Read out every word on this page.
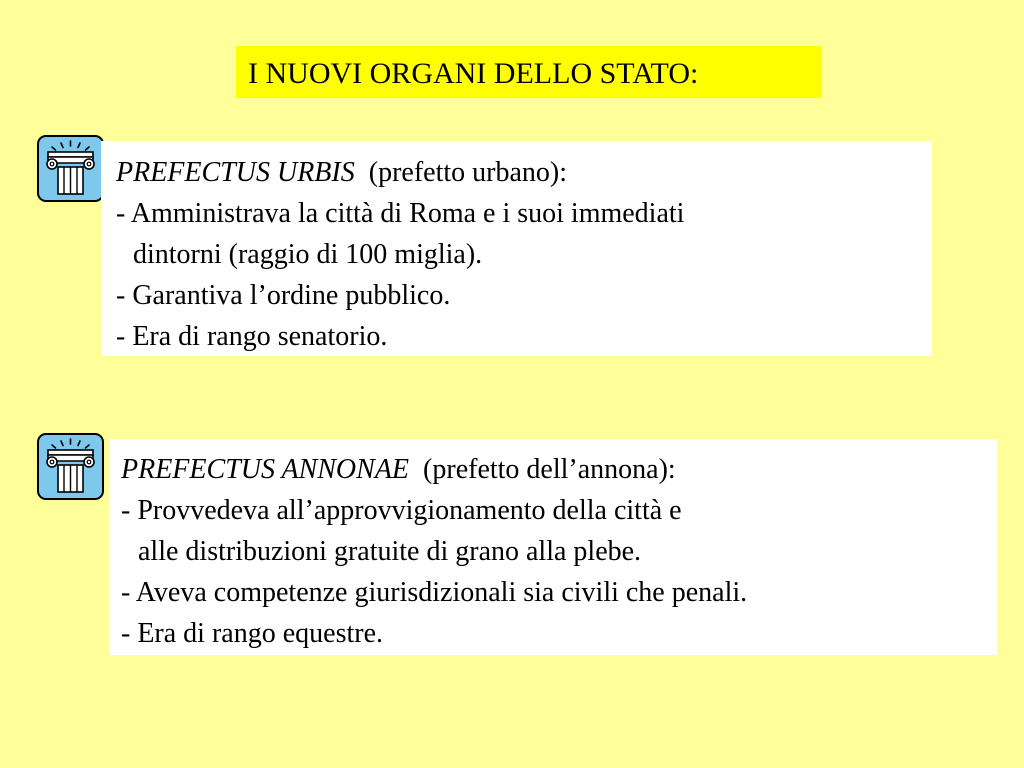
I NUOVI ORGANI DELLO STATO:
PREFECTUS URBIS (prefetto urbano):
- Amministrava la città di Roma e i suoi immediati
dintorni (raggio di 100 miglia).
- Garantiva l’ordine pubblico.
- Era di rango senatorio.
PREFECTUS ANNONAE (prefetto dell’annona):
- Provvedeva all’approvvigionamento della città e
alle distribuzioni gratuite di grano alla plebe.
- Aveva competenze giurisdizionali sia civili che penali.
- Era di rango equestre.
